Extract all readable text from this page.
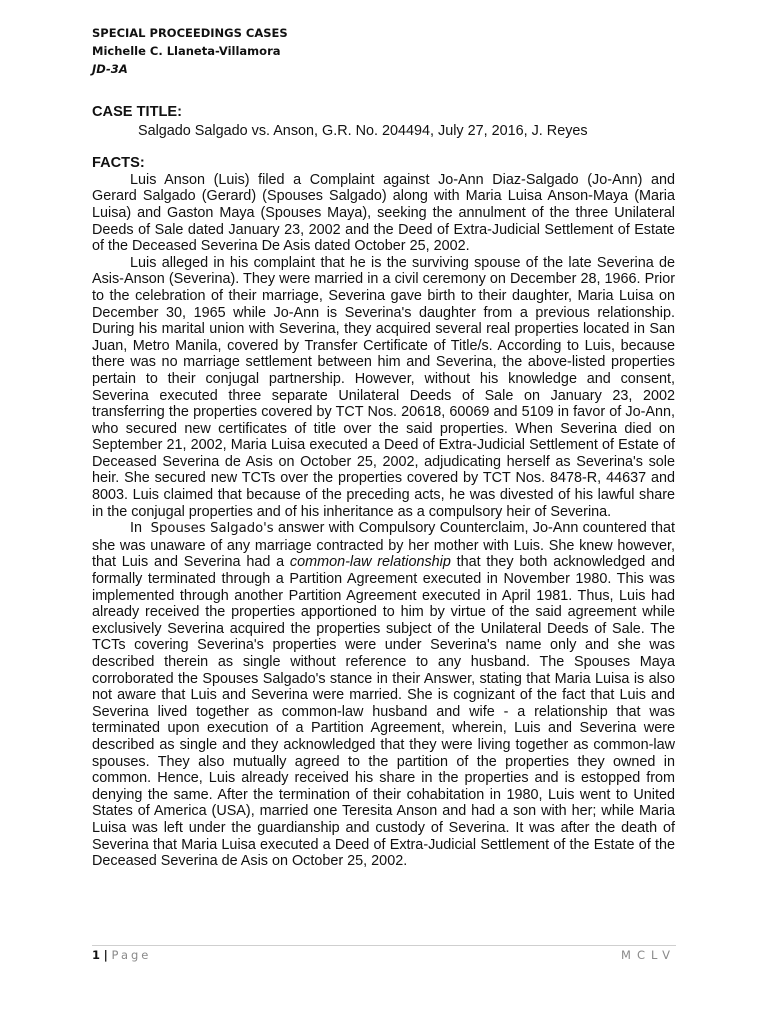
SPECIAL PROCEEDINGS CASES
Michelle C. Llaneta-Villamora
JD-3A

CASE TITLE:

Salgado Salgado vs. Anson, G.R. No. 204494, July 27, 2016, J. Reyes

FACTS:

Luis Anson (Luis) filed a Complaint against Jo-Ann Diaz-Salgado (Jo-Ann) and Gerard Salgado (Gerard) (Spouses Salgado) along with Maria Luisa Anson-Maya (Maria Luisa) and Gaston Maya (Spouses Maya), seeking the annulment of the three Unilateral Deeds of Sale dated January 23, 2002 and the Deed of Extra-Judicial Settlement of Estate of the Deceased Severina De Asis dated October 25, 2002.

Luis alleged in his complaint that he is the surviving spouse of the late Severina de Asis-Anson (Severina). They were married in a civil ceremony on December 28, 1966. Prior to the celebration of their marriage, Severina gave birth to their daughter, Maria Luisa on December 30, 1965 while Jo-Ann is Severina's daughter from a previous relationship. During his marital union with Severina, they acquired several real properties located in San Juan, Metro Manila, covered by Transfer Certificate of Title/s. According to Luis, because there was no marriage settlement between him and Severina, the above-listed properties pertain to their conjugal partnership. However, without his knowledge and consent, Severina executed three separate Unilateral Deeds of Sale on January 23, 2002 transferring the properties covered by TCT Nos. 20618, 60069 and 5109 in favor of Jo-Ann, who secured new certificates of title over the said properties. When Severina died on September 21, 2002, Maria Luisa executed a Deed of Extra-Judicial Settlement of Estate of Deceased Severina de Asis on October 25, 2002, adjudicating herself as Severina's sole heir. She secured new TCTs over the properties covered by TCT Nos. 8478-R, 44637 and 8003. Luis claimed that because of the preceding acts, he was divested of his lawful share in the conjugal properties and of his inheritance as a compulsory heir of Severina.

In Spouses Salgado's answer with Compulsory Counterclaim, Jo-Ann countered that she was unaware of any marriage contracted by her mother with Luis. She knew however, that Luis and Severina had a common-law relationship that they both acknowledged and formally terminated through a Partition Agreement executed in November 1980. This was implemented through another Partition Agreement executed in April 1981. Thus, Luis had already received the properties apportioned to him by virtue of the said agreement while exclusively Severina acquired the properties subject of the Unilateral Deeds of Sale. The TCTs covering Severina's properties were under Severina's name only and she was described therein as single without reference to any husband. The Spouses Maya corroborated the Spouses Salgado's stance in their Answer, stating that Maria Luisa is also not aware that Luis and Severina were married. She is cognizant of the fact that Luis and Severina lived together as common-law husband and wife - a relationship that was terminated upon execution of a Partition Agreement, wherein, Luis and Severina were described as single and they acknowledged that they were living together as common-law spouses. They also mutually agreed to the partition of the properties they owned in common. Hence, Luis already received his share in the properties and is estopped from denying the same. After the termination of their cohabitation in 1980, Luis went to United States of America (USA), married one Teresita Anson and had a son with her; while Maria Luisa was left under the guardianship and custody of Severina. It was after the death of Severina that Maria Luisa executed a Deed of Extra-Judicial Settlement of the Estate of the Deceased Severina de Asis on October 25, 2002.

1 | Page	MCLV
